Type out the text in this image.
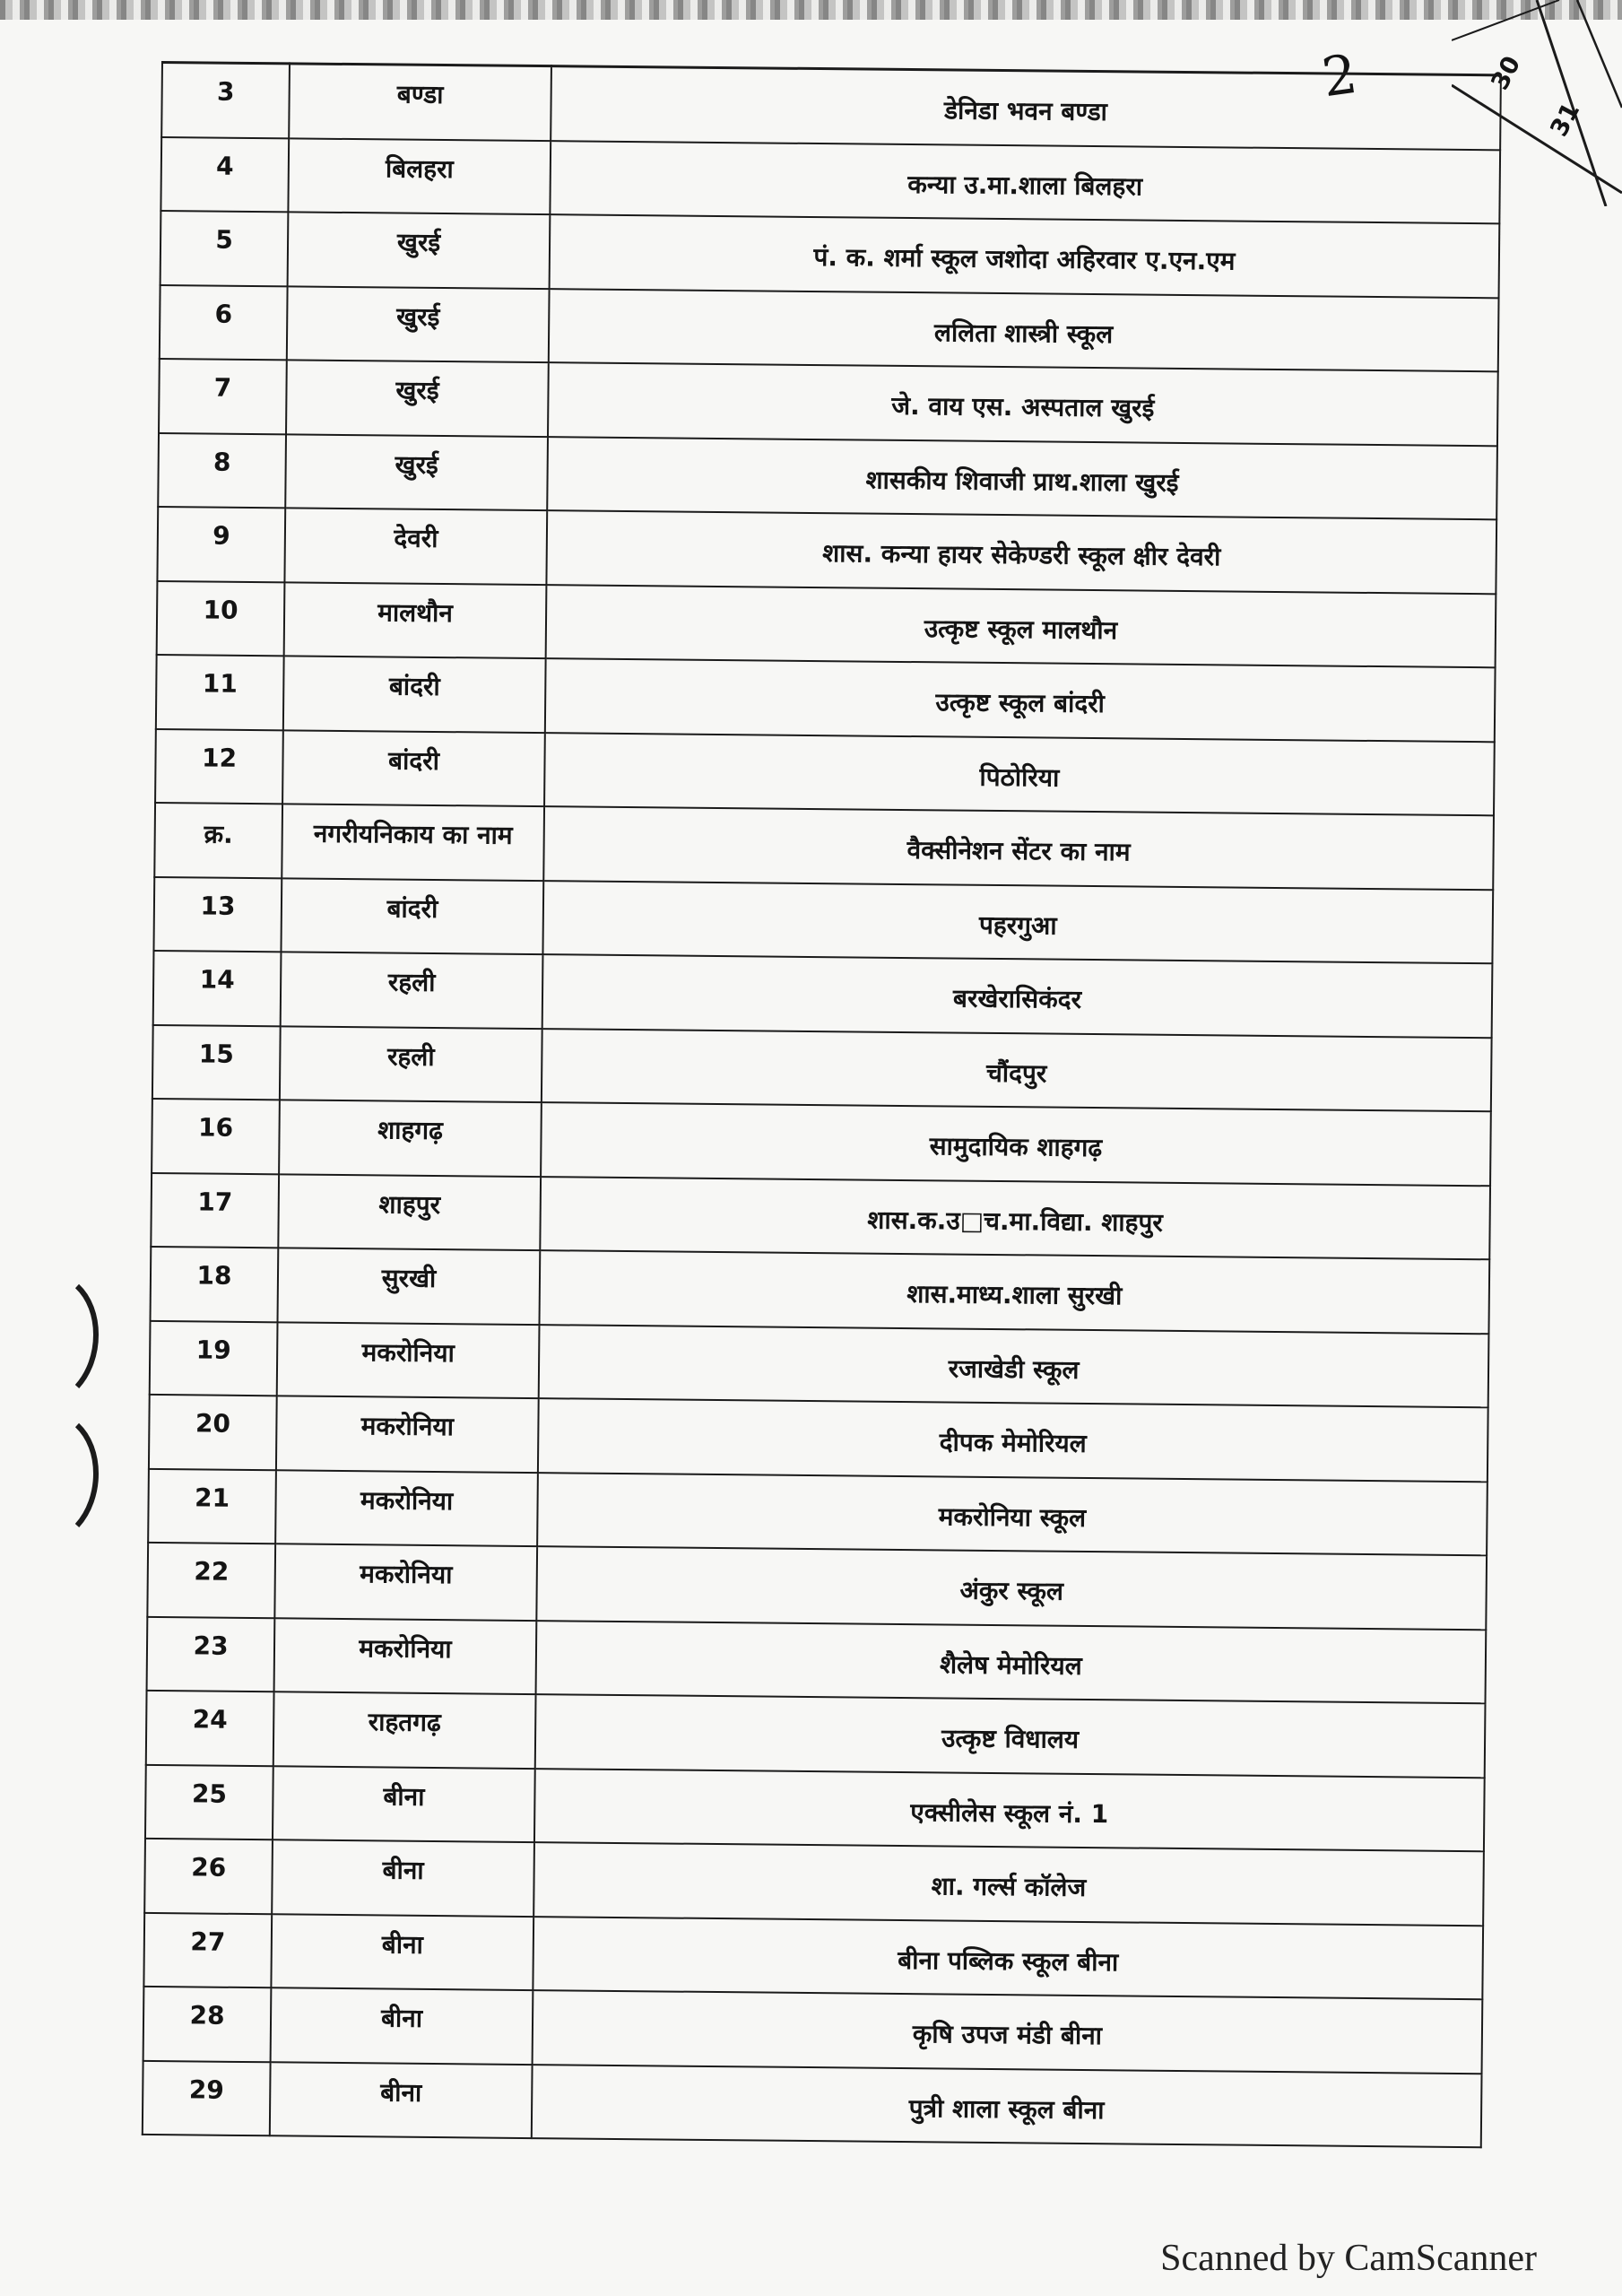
30
31
2
3	बण्डा	डेनिडा भवन बण्डा

4	बिलहरा	कन्या उ.मा.शाला बिलहरा

5	खुरई	पं. क. शर्मा स्कूल जशोदा अहिरवार ए.एन.एम

6	खुरई	ललिता शास्त्री स्कूल

7	खुरई	जे. वाय एस. अस्पताल खुरई

8	खुरई	शासकीय शिवाजी प्राथ.शाला खुरई

9	देवरी	शास. कन्या हायर सेकेण्डरी स्कूल क्षीर देवरी

10	मालथौन	उत्कृष्ट स्कूल मालथौन

11	बांदरी	उत्कृष्ट स्कूल बांदरी

12	बांदरी	पिठोरिया

क्र.	नगरीयनिकाय का नाम	वैक्सीनेशन सेंटर का नाम

13	बांदरी	पहरगुआ

14	रहली	बरखेरासिकंदर

15	रहली	चौंदपुर

16	शाहगढ़	सामुदायिक शाहगढ़

17	शाहपुर	शास.क.उ□च.मा.विद्या. शाहपुर

18	सुरखी	शास.माध्य.शाला सुरखी

19	मकरोनिया	रजाखेडी स्कूल

20	मकरोनिया	दीपक मेमोरियल

21	मकरोनिया	मकरोनिया स्कूल

22	मकरोनिया	अंकुर स्कूल

23	मकरोनिया	शैलेष मेमोरियल

24	राहतगढ़	उत्कृष्ट विधालय

25	बीना	एक्सीलेस स्कूल नं. 1

26	बीना	शा. गर्ल्स कॉलेज

27	बीना	बीना पब्लिक स्कूल बीना

28	बीना	कृषि उपज मंडी बीना

29	बीना	पुत्री शाला स्कूल बीना
Scanned by CamScanner
